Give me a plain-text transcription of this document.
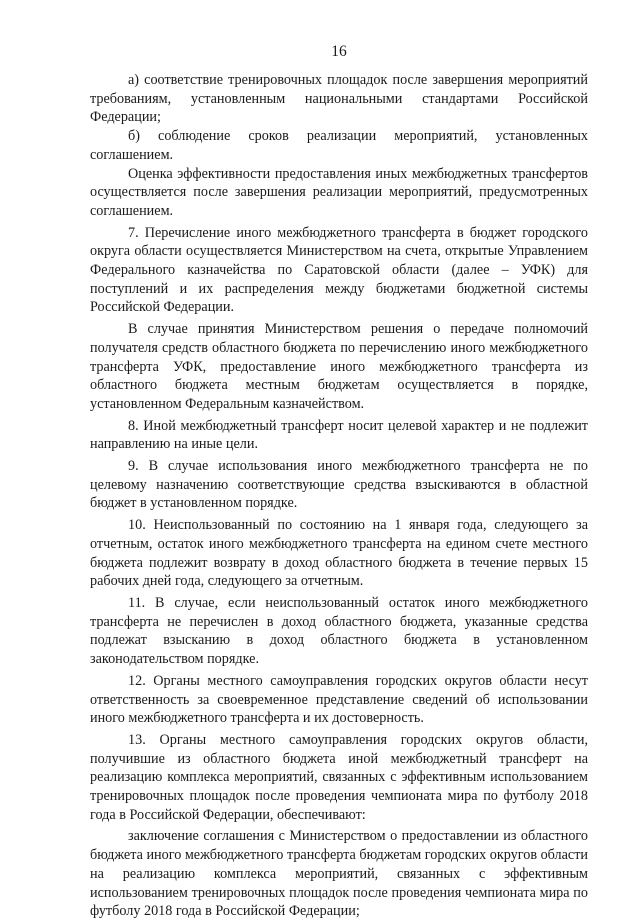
16

а) соответствие тренировочных площадок после завершения мероприятий требованиям, установленным национальными стандартами Российской Федерации;

б) соблюдение сроков реализации мероприятий, установленных соглашением.

Оценка эффективности предоставления иных межбюджетных трансфертов осуществляется после завершения реализации мероприятий, предусмотренных соглашением.

7. Перечисление иного межбюджетного трансферта в бюджет городского округа области осуществляется Министерством на счета, открытые Управлением Федерального казначейства по Саратовской области (далее – УФК) для поступлений и их распределения между бюджетами бюджетной системы Российской Федерации.

В случае принятия Министерством решения о передаче полномочий получателя средств областного бюджета по перечислению иного межбюджетного трансферта УФК, предоставление иного межбюджетного трансферта из областного бюджета местным бюджетам осуществляется в порядке, установленном Федеральным казначейством.

8. Иной межбюджетный трансферт носит целевой характер и не подлежит направлению на иные цели.

9. В случае использования иного межбюджетного трансферта не по целевому назначению соответствующие средства взыскиваются в областной бюджет в установленном порядке.

10. Неиспользованный по состоянию на 1 января года, следующего за отчетным, остаток иного межбюджетного трансферта на едином счете местного бюджета подлежит возврату в доход областного бюджета в течение первых 15 рабочих дней года, следующего за отчетным.

11. В случае, если неиспользованный остаток иного межбюджетного трансферта не перечислен в доход областного бюджета, указанные средства подлежат взысканию в доход областного бюджета в установленном законодательством порядке.

12. Органы местного самоуправления городских округов области несут ответственность за своевременное представление сведений об использовании иного межбюджетного трансферта и их достоверность.

13. Органы местного самоуправления городских округов области, получившие из областного бюджета иной межбюджетный трансферт на реализацию комплекса мероприятий, связанных с эффективным использованием тренировочных площадок после проведения чемпионата мира по футболу 2018 года в Российской Федерации, обеспечивают:

заключение соглашения с Министерством о предоставлении из областного бюджета иного межбюджетного трансферта бюджетам городских округов области на реализацию комплекса мероприятий, связанных с эффективным использованием тренировочных площадок после проведения чемпионата мира по футболу 2018 года в Российской Федерации;
